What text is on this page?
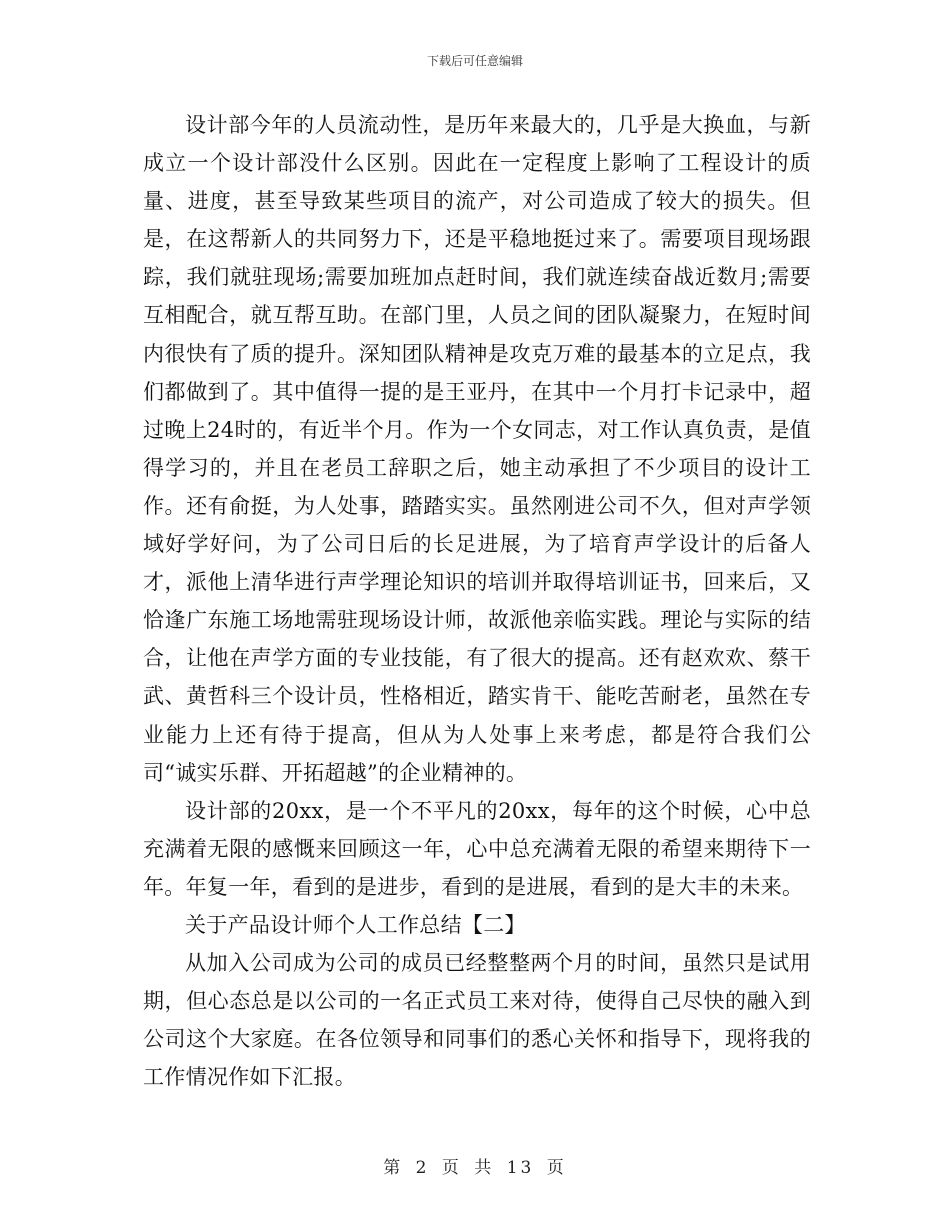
下载后可任意编辑

设计部今年的人员流动性，是历年来最大的，几乎是大换血，与新成立一个设计部没什么区别。因此在一定程度上影响了工程设计的质量、进度，甚至导致某些项目的流产，对公司造成了较大的损失。但是，在这帮新人的共同努力下，还是平稳地挺过来了。需要项目现场跟踪，我们就驻现场;需要加班加点赶时间，我们就连续奋战近数月;需要互相配合，就互帮互助。在部门里，人员之间的团队凝聚力，在短时间内很快有了质的提升。深知团队精神是攻克万难的最基本的立足点，我们都做到了。其中值得一提的是王亚丹，在其中一个月打卡记录中，超过晚上24时的，有近半个月。作为一个女同志，对工作认真负责，是值得学习的，并且在老员工辞职之后，她主动承担了不少项目的设计工作。还有俞挺，为人处事，踏踏实实。虽然刚进公司不久，但对声学领域好学好问，为了公司日后的长足进展，为了培育声学设计的后备人才，派他上清华进行声学理论知识的培训并取得培训证书，回来后，又恰逢广东施工场地需驻现场设计师，故派他亲临实践。理论与实际的结合，让他在声学方面的专业技能，有了很大的提高。还有赵欢欢、蔡干武、黄哲科三个设计员，性格相近，踏实肯干、能吃苦耐老，虽然在专业能力上还有待于提高，但从为人处事上来考虑，都是符合我们公司“诚实乐群、开拓超越”的企业精神的。

设计部的20xx，是一个不平凡的20xx，每年的这个时候，心中总充满着无限的感慨来回顾这一年，心中总充满着无限的希望来期待下一年。年复一年，看到的是进步，看到的是进展，看到的是大丰的未来。

关于产品设计师个人工作总结【二】

从加入公司成为公司的成员已经整整两个月的时间，虽然只是试用期，但心态总是以公司的一名正式员工来对待，使得自己尽快的融入到公司这个大家庭。在各位领导和同事们的悉心关怀和指导下，现将我的工作情况作如下汇报。

第 2 页 共 13 页
